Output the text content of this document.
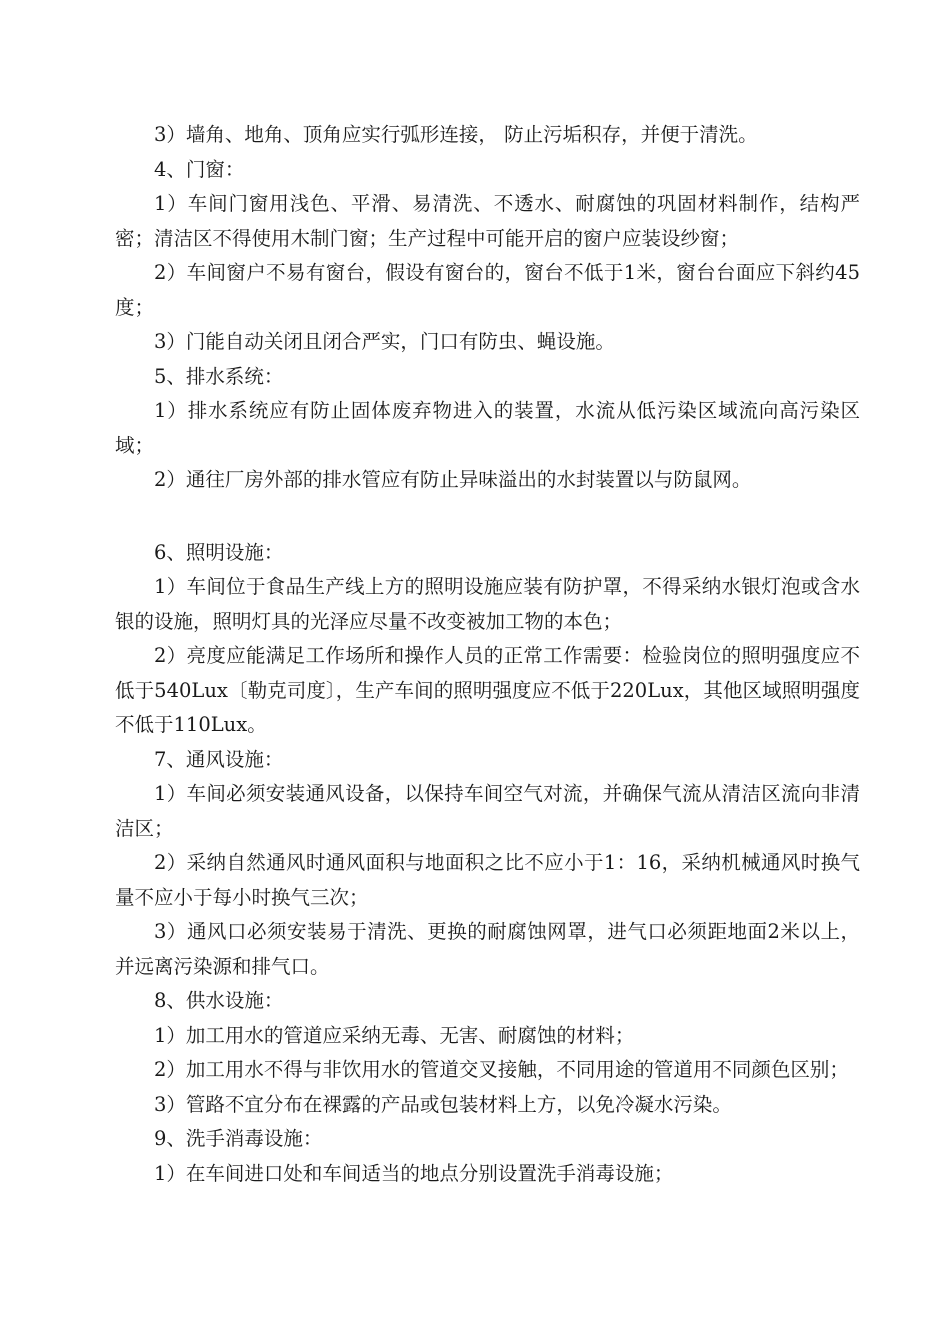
3）墙角、地角、顶角应实行弧形连接， 防止污垢积存，并便于清洗。

4、门窗：

1）车间门窗用浅色、平滑、易清洗、不透水、耐腐蚀的巩固材料制作，结构严密；清洁区不得使用木制门窗；生产过程中可能开启的窗户应装设纱窗；

2）车间窗户不易有窗台，假设有窗台的，窗台不低于1米，窗台台面应下斜约45度；

3）门能自动关闭且闭合严实，门口有防虫、蝇设施。

5、排水系统：

1）排水系统应有防止固体废弃物进入的装置，水流从低污染区域流向高污染区域；

2）通往厂房外部的排水管应有防止异味溢出的水封装置以与防鼠网。

6、照明设施：

1）车间位于食品生产线上方的照明设施应装有防护罩，不得采纳水银灯泡或含水银的设施，照明灯具的光泽应尽量不改变被加工物的本色；

2）亮度应能满足工作场所和操作人员的正常工作需要：检验岗位的照明强度应不低于540Lux〔勒克司度〕，生产车间的照明强度应不低于220Lux，其他区域照明强度不低于110Lux。

7、通风设施：

1）车间必须安装通风设备，以保持车间空气对流，并确保气流从清洁区流向非清洁区；

2）采纳自然通风时通风面积与地面积之比不应小于1：16，采纳机械通风时换气量不应小于每小时换气三次；

3）通风口必须安装易于清洗、更换的耐腐蚀网罩，进气口必须距地面2米以上，并远离污染源和排气口。

8、供水设施：

1）加工用水的管道应采纳无毒、无害、耐腐蚀的材料；

2）加工用水不得与非饮用水的管道交叉接触，不同用途的管道用不同颜色区别；

3）管路不宜分布在裸露的产品或包装材料上方，以免冷凝水污染。

9、洗手消毒设施：

1）在车间进口处和车间适当的地点分别设置洗手消毒设施；
